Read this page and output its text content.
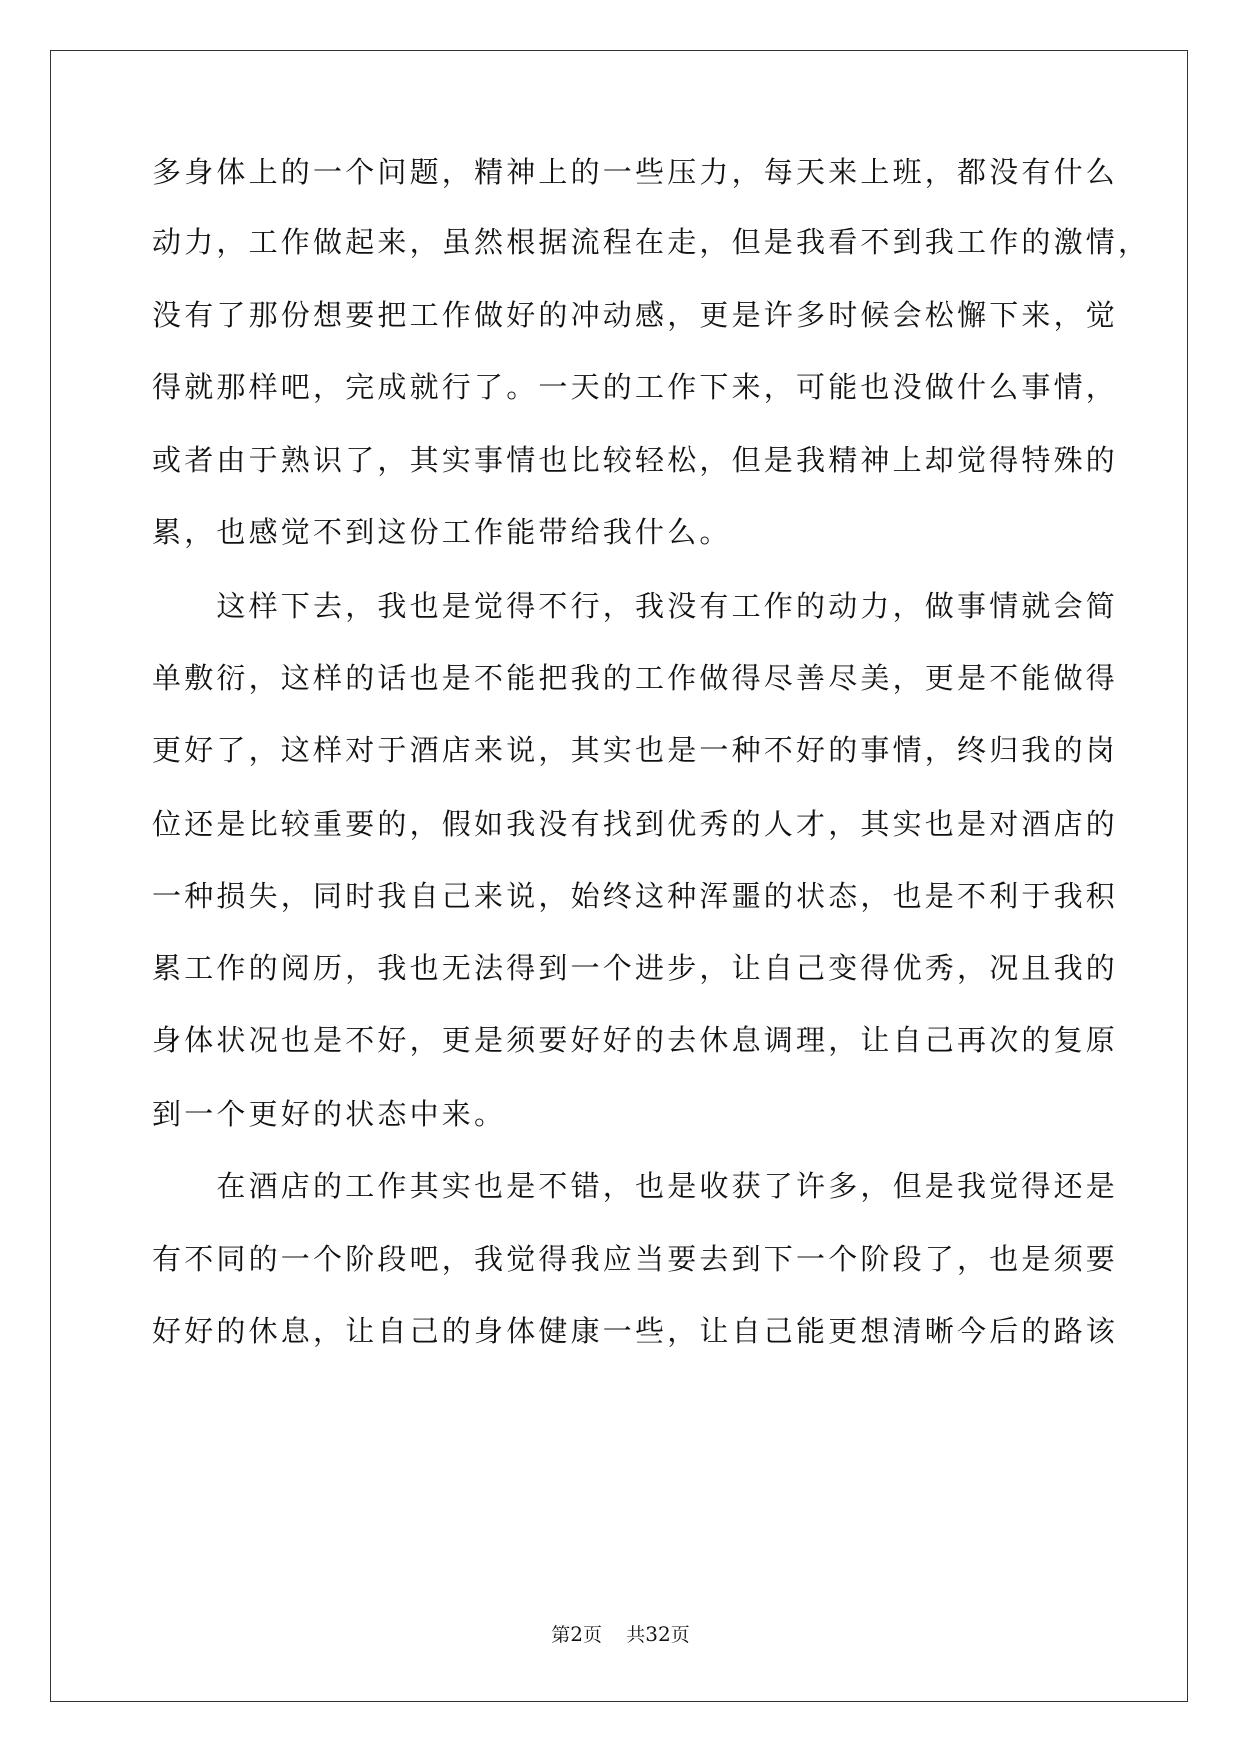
多身体上的一个问题，精神上的一些压力，每天来上班，都没有什么
动力，工作做起来，虽然根据流程在走，但是我看不到我工作的激情，
没有了那份想要把工作做好的冲动感，更是许多时候会松懈下来，觉
得就那样吧，完成就行了。一天的工作下来，可能也没做什么事情，
或者由于熟识了，其实事情也比较轻松，但是我精神上却觉得特殊的
累，也感觉不到这份工作能带给我什么。
　　这样下去，我也是觉得不行，我没有工作的动力，做事情就会简
单敷衍，这样的话也是不能把我的工作做得尽善尽美，更是不能做得
更好了，这样对于酒店来说，其实也是一种不好的事情，终归我的岗
位还是比较重要的，假如我没有找到优秀的人才，其实也是对酒店的
一种损失，同时我自己来说，始终这种浑噩的状态，也是不利于我积
累工作的阅历，我也无法得到一个进步，让自己变得优秀，况且我的
身体状况也是不好，更是须要好好的去休息调理，让自己再次的复原
到一个更好的状态中来。
　　在酒店的工作其实也是不错，也是收获了许多，但是我觉得还是
有不同的一个阶段吧，我觉得我应当要去到下一个阶段了，也是须要
好好的休息，让自己的身体健康一些，让自己能更想清晰今后的路该
第2页 共32页
